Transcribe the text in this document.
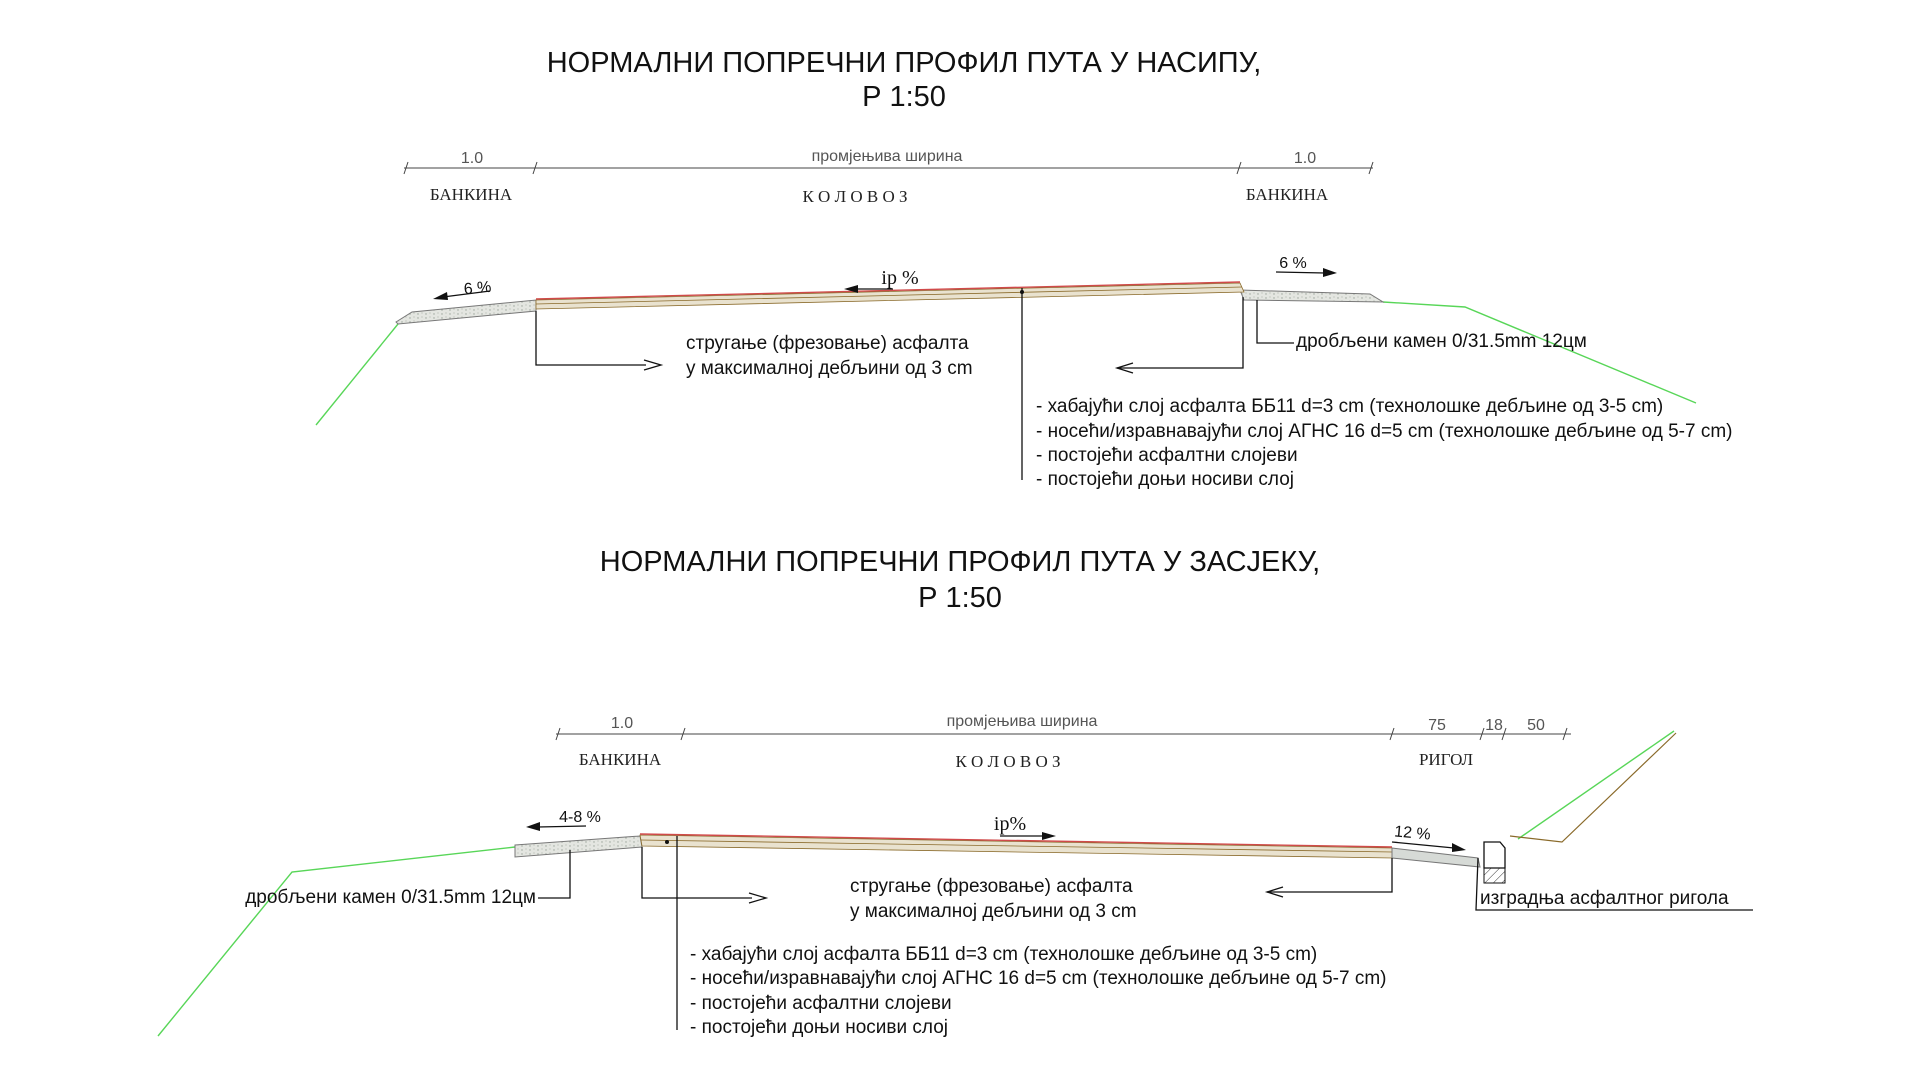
НОРМАЛНИ ПОПРЕЧНИ ПРОФИЛ ПУТА У НАСИПУ,
Р 1:50
1.0	промјењива ширина	1.0
БАНКИНА	К О Л О В О З	БАНКИНА
6 %	ip %
6 %
стругање (фрезовање) асфалта
у максималној дебљини од 3 cm
дробљени камен 0/31.5mm 12цм
- хабајући слој асфалта ББ11 d=3 cm (технолошке дебљине од 3-5 cm)
- носећи/изравнавајући слој АГНС 16 d=5 cm (технолошке дебљине од 5-7 cm)
- постојећи асфалтни слојеви
- постојећи доњи носиви слој
НОРМАЛНИ ПОПРЕЧНИ ПРОФИЛ ПУТА У ЗАСЈЕКУ,
Р 1:50
1.0	промјењива ширина	75 18 50
БАНКИНА	К О Л О В О З	РИГОЛ
4-8 %	ip%	12 %
дробљени камен 0/31.5mm 12цм
стругање (фрезовање) асфалта
у максималној дебљини од 3 cm
изградња асфалтног ригола
- хабајући слој асфалта ББ11 d=3 cm (технолошке дебљине од 3-5 cm)
- носећи/изравнавајући слој АГНС 16 d=5 cm (технолошке дебљине од 5-7 cm)
- постојећи асфалтни слојеви
- постојећи доњи носиви слој
